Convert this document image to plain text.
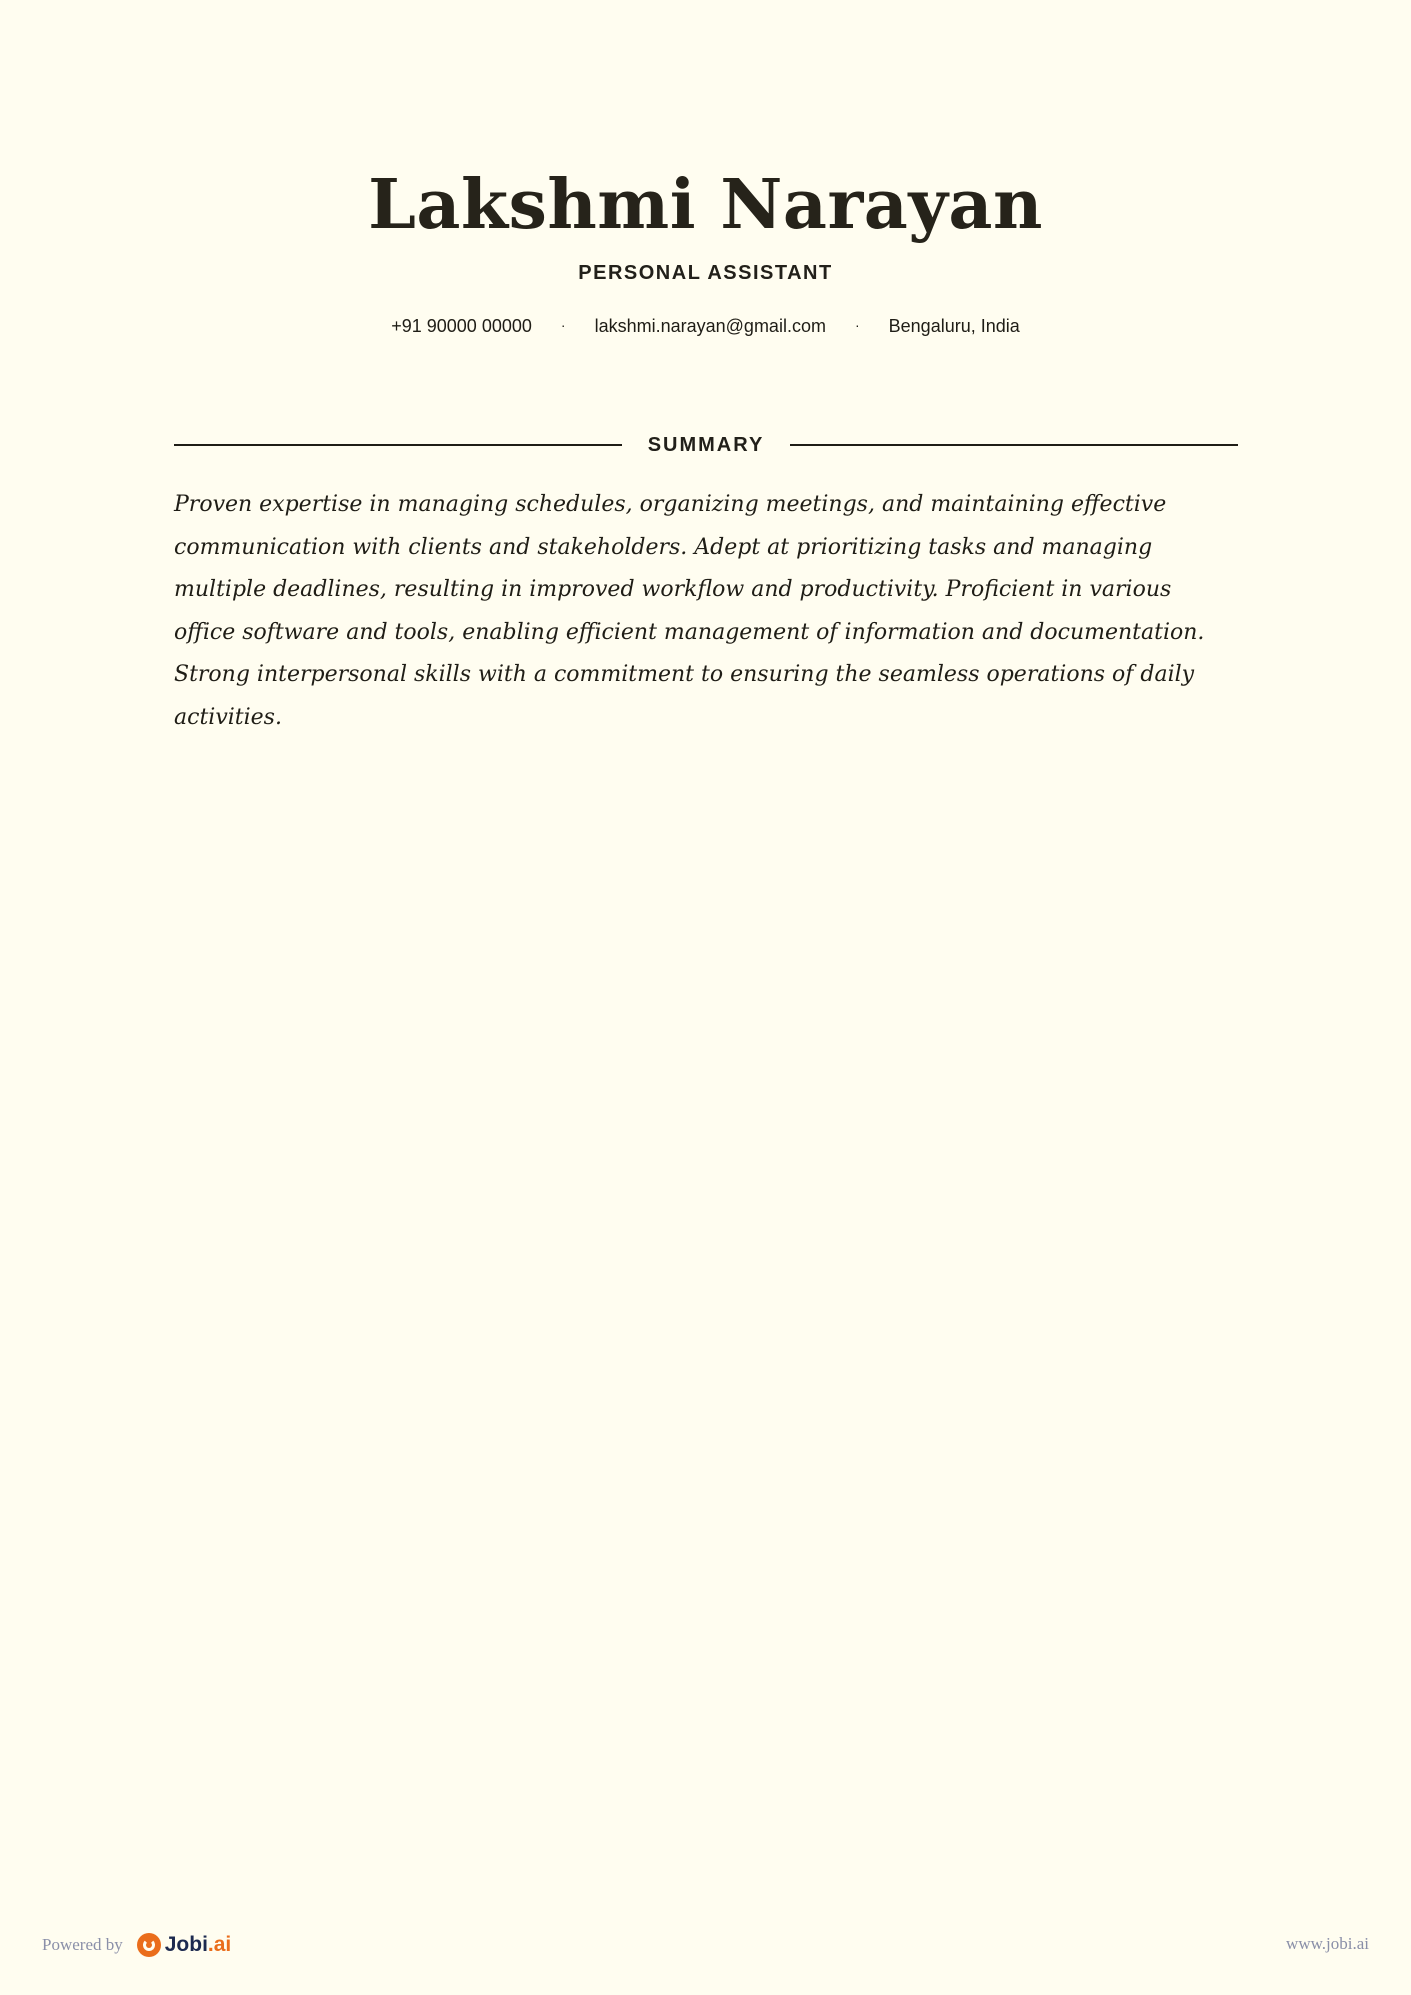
Lakshmi Narayan
PERSONAL ASSISTANT
+91 90000 00000 · lakshmi.narayan@gmail.com · Bengaluru, India
SUMMARY

Proven expertise in managing schedules, organizing meetings, and maintaining effective communication with clients and stakeholders. Adept at prioritizing tasks and managing multiple deadlines, resulting in improved workflow and productivity. Proficient in various office software and tools, enabling efficient management of information and documentation. Strong interpersonal skills with a commitment to ensuring the seamless operations of daily activities.

Powered by Jobi.ai	www.jobi.ai
